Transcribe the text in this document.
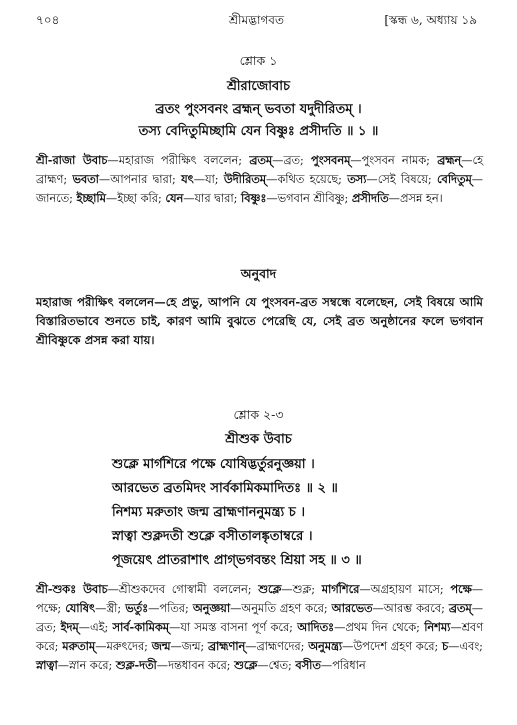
৭০৪	শ্রীমদ্ভাগবত	[স্কন্ধ ৬, অধ্যায় ১৯
শ্লোক ১
শ্রীরাজোবাচ
ব্রতং পুংসবনং ব্রহ্মন্ ভবতা যদুদীরিতম্ ।
তস্য বেদিতুমিচ্ছামি যেন বিষ্ণুঃ প্রসীদতি ॥ ১ ॥
শ্রী-রাজা উবাচ—মহারাজ পরীক্ষিৎ বললেন; ব্রতম্—ব্রত; পুংসবনম্—পুংসবন নামক; ব্রহ্মন্—হে ব্রাহ্মণ; ভবতা—আপনার দ্বারা; যৎ—যা; উদীরিতম্—কথিত হয়েছে; তস্য—সেই বিষয়ে; বেদিতুম্—জানতে; ইচ্ছামি—ইচ্ছা করি; যেন—যার দ্বারা; বিষ্ণুঃ—ভগবান শ্রীবিষ্ণু; প্রসীদতি—প্রসন্ন হন।
অনুবাদ
মহারাজ পরীক্ষিৎ বললেন—হে প্রভু, আপনি যে পুংসবন-ব্রত সম্বন্ধে বলেছেন, সেই বিষয়ে আমি বিস্তারিতভাবে শুনতে চাই, কারণ আমি বুঝতে পেরেছি যে, সেই ব্রত অনুষ্ঠানের ফলে ভগবান শ্রীবিষ্ণুকে প্রসন্ন করা যায়।
শ্লোক ২-৩
শ্রীশুক উবাচ
শুক্লে মার্গশিরে পক্ষে যোষিদ্ভর্তুরনুজ্ঞয়া ।
আরভেত ব্রতমিদং সার্বকামিকমাদিতঃ ॥ ২ ॥
নিশম্য মরুতাং জন্ম ব্রাহ্মণাননুমন্ত্র্য চ ।
স্নাত্বা শুক্লদতী শুক্লে বসীতালঙ্কৃতাম্বরে ।
পূজয়েৎ প্রাতরাশাৎ প্রাগ্ভগবন্তং শ্রিয়া সহ ॥ ৩ ॥
শ্রী-শুকঃ উবাচ—শ্রীশুকদেব গোস্বামী বললেন; শুক্লে—শুক্ল; মার্গশিরে—অগ্রহায়ণ মাসে; পক্ষে—পক্ষে; যোষিৎ—স্ত্রী; ভর্তুঃ—পতির; অনুজ্ঞয়া—অনুমতি গ্রহণ করে; আরভেত—আরম্ভ করবে; ব্রতম্—ব্রত; ইদম্—এই; সার্ব-কামিকম্—যা সমস্ত বাসনা পূর্ণ করে; আদিতঃ—প্রথম দিন থেকে; নিশম্য—শ্রবণ করে; মরুতাম্—মরুৎদের; জন্ম—জন্ম; ব্রাহ্মণান্—ব্রাহ্মণদের; অনুমন্ত্র্য—উপদেশ গ্রহণ করে; চ—এবং; স্নাত্বা—স্নান করে; শুক্ল-দতী—দন্তধাবন করে; শুক্লে—শ্বেত; বসীত—পরিধান
